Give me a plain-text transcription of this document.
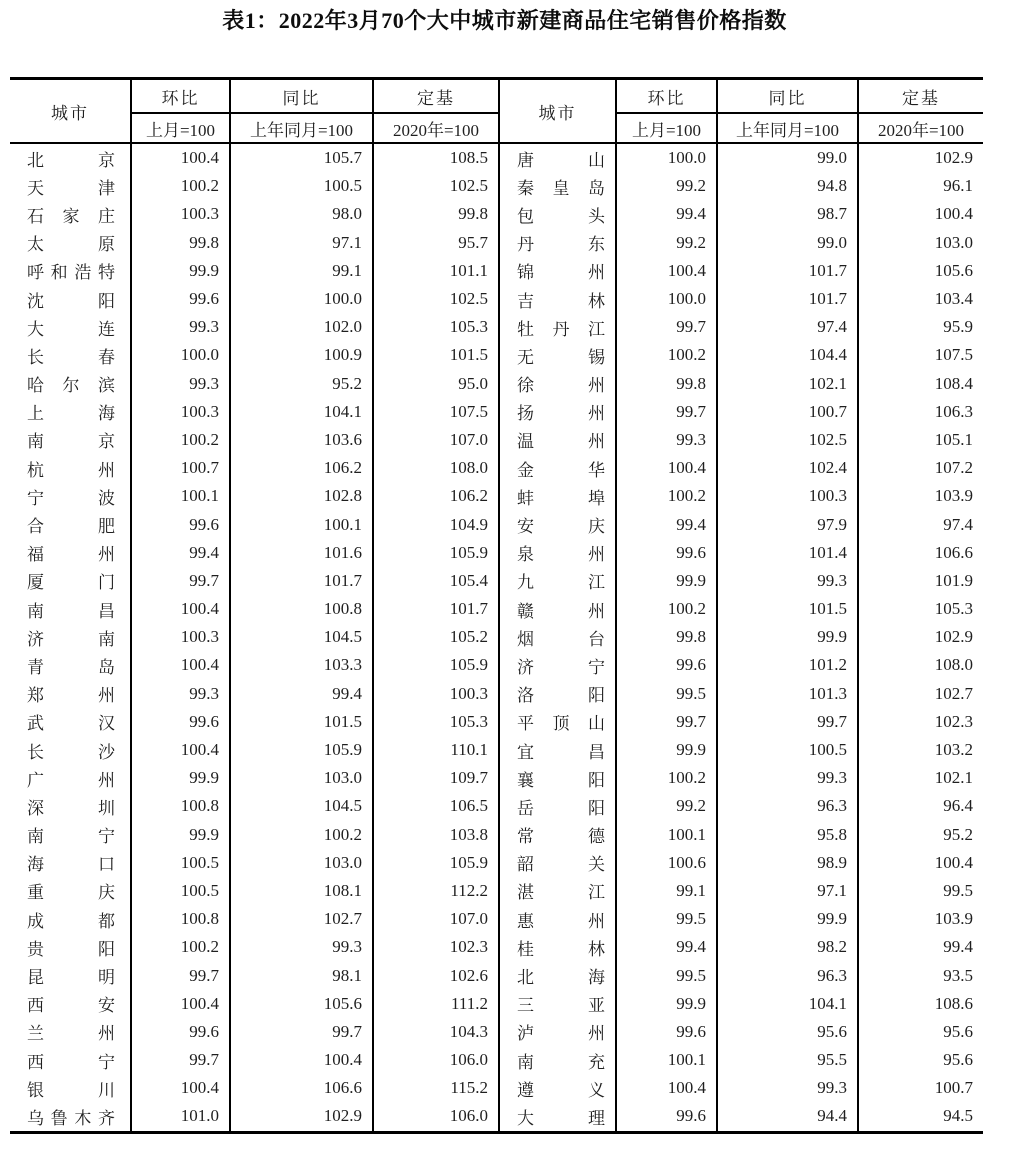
表1：2022年3月70个大中城市新建商品住宅销售价格指数
城市	环比	同比	定基	城市	环比	同比	定基
	上月=100	上年同月=100	2020年=100		上月=100	上年同月=100	2020年=100

北 京	100.4	105.7	108.5	唐 山	100.0	99.0	102.9

天 津	100.2	100.5	102.5	秦 皇 岛	99.2	94.8	96.1

石 家 庄	100.3	98.0	99.8	包 头	99.4	98.7	100.4

太 原	99.8	97.1	95.7	丹 东	99.2	99.0	103.0

呼 和 浩 特	99.9	99.1	101.1	锦 州	100.4	101.7	105.6

沈 阳	99.6	100.0	102.5	吉 林	100.0	101.7	103.4

大 连	99.3	102.0	105.3	牡 丹 江	99.7	97.4	95.9

长 春	100.0	100.9	101.5	无 锡	100.2	104.4	107.5

哈 尔 滨	99.3	95.2	95.0	徐 州	99.8	102.1	108.4

上 海	100.3	104.1	107.5	扬 州	99.7	100.7	106.3

南 京	100.2	103.6	107.0	温 州	99.3	102.5	105.1

杭 州	100.7	106.2	108.0	金 华	100.4	102.4	107.2

宁 波	100.1	102.8	106.2	蚌 埠	100.2	100.3	103.9

合 肥	99.6	100.1	104.9	安 庆	99.4	97.9	97.4

福 州	99.4	101.6	105.9	泉 州	99.6	101.4	106.6

厦 门	99.7	101.7	105.4	九 江	99.9	99.3	101.9

南 昌	100.4	100.8	101.7	赣 州	100.2	101.5	105.3

济 南	100.3	104.5	105.2	烟 台	99.8	99.9	102.9

青 岛	100.4	103.3	105.9	济 宁	99.6	101.2	108.0

郑 州	99.3	99.4	100.3	洛 阳	99.5	101.3	102.7

武 汉	99.6	101.5	105.3	平 顶 山	99.7	99.7	102.3

长 沙	100.4	105.9	110.1	宜 昌	99.9	100.5	103.2

广 州	99.9	103.0	109.7	襄 阳	100.2	99.3	102.1

深 圳	100.8	104.5	106.5	岳 阳	99.2	96.3	96.4

南 宁	99.9	100.2	103.8	常 德	100.1	95.8	95.2

海 口	100.5	103.0	105.9	韶 关	100.6	98.9	100.4

重 庆	100.5	108.1	112.2	湛 江	99.1	97.1	99.5

成 都	100.8	102.7	107.0	惠 州	99.5	99.9	103.9

贵 阳	100.2	99.3	102.3	桂 林	99.4	98.2	99.4

昆 明	99.7	98.1	102.6	北 海	99.5	96.3	93.5

西 安	100.4	105.6	111.2	三 亚	99.9	104.1	108.6

兰 州	99.6	99.7	104.3	泸 州	99.6	95.6	95.6

西 宁	99.7	100.4	106.0	南 充	100.1	95.5	95.6

银 川	100.4	106.6	115.2	遵 义	100.4	99.3	100.7

乌 鲁 木 齐	101.0	102.9	106.0	大 理	99.6	94.4	94.5
